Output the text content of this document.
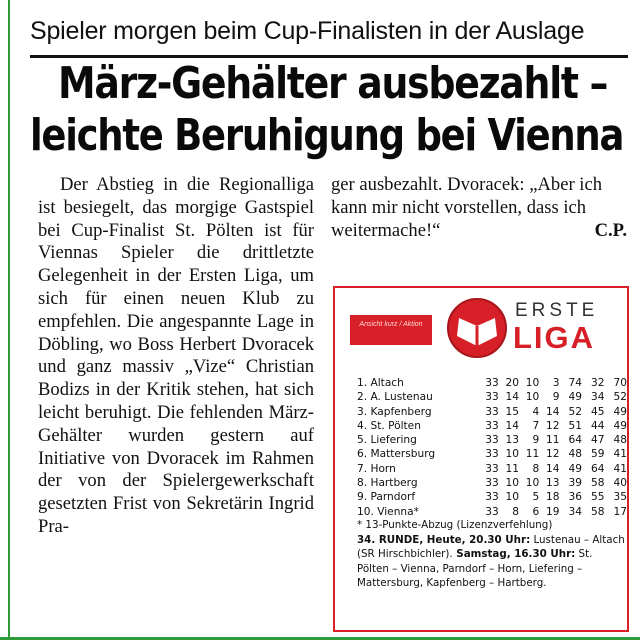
Spieler morgen beim Cup-Finalisten in der Auslage
März-Gehälter ausbezahlt –
leichte Beruhigung bei Vienna

Der Abstieg in die Regionalliga ist besiegelt, das morgige Gastspiel bei Cup-Finalist St. Pölten ist für Viennas Spieler die drittletzte Gelegenheit in der Ersten Liga, um sich für einen neuen Klub zu empfehlen. Die angespannte Lage in Döbling, wo Boss Herbert Dvoracek und ganz massiv „Vize“ Christian Bodizs in der Kritik stehen, hat sich leicht beruhigt. Die fehlenden März-Gehälter wurden gestern auf Initiative von Dvoracek im Rahmen der von der Spielergewerkschaft gesetzten Frist von Sekretärin Ingrid Pra-

ger ausbezahlt. Dvoracek: „Aber ich kann mir nicht vorstellen, dass ich weitermache!“	C.P.
Ansicht kurz / Aktion
ERSTE
LIGA
1. Altach	33	20	10	3	74	32	70
2. A. Lustenau	33	14	10	9	49	34	52
3. Kapfenberg	33	15	4	14	52	45	49
4. St. Pölten	33	14	7	12	51	44	49
5. Liefering	33	13	9	11	64	47	48
6. Mattersburg	33	10	11	12	48	59	41
7. Horn	33	11	8	14	49	64	41
8. Hartberg	33	10	10	13	39	58	40
9. Parndorf	33	10	5	18	36	55	35
10. Vienna*	33	8	6	19	34	58	17
* 13-Punkte-Abzug (Lizenzverfehlung)
34. RUNDE, Heute, 20.30 Uhr: Lustenau – Altach (SR Hirschbichler). Samstag, 16.30 Uhr: St. Pölten – Vienna, Parndorf – Horn, Liefering – Mattersburg, Kapfenberg – Hartberg.
